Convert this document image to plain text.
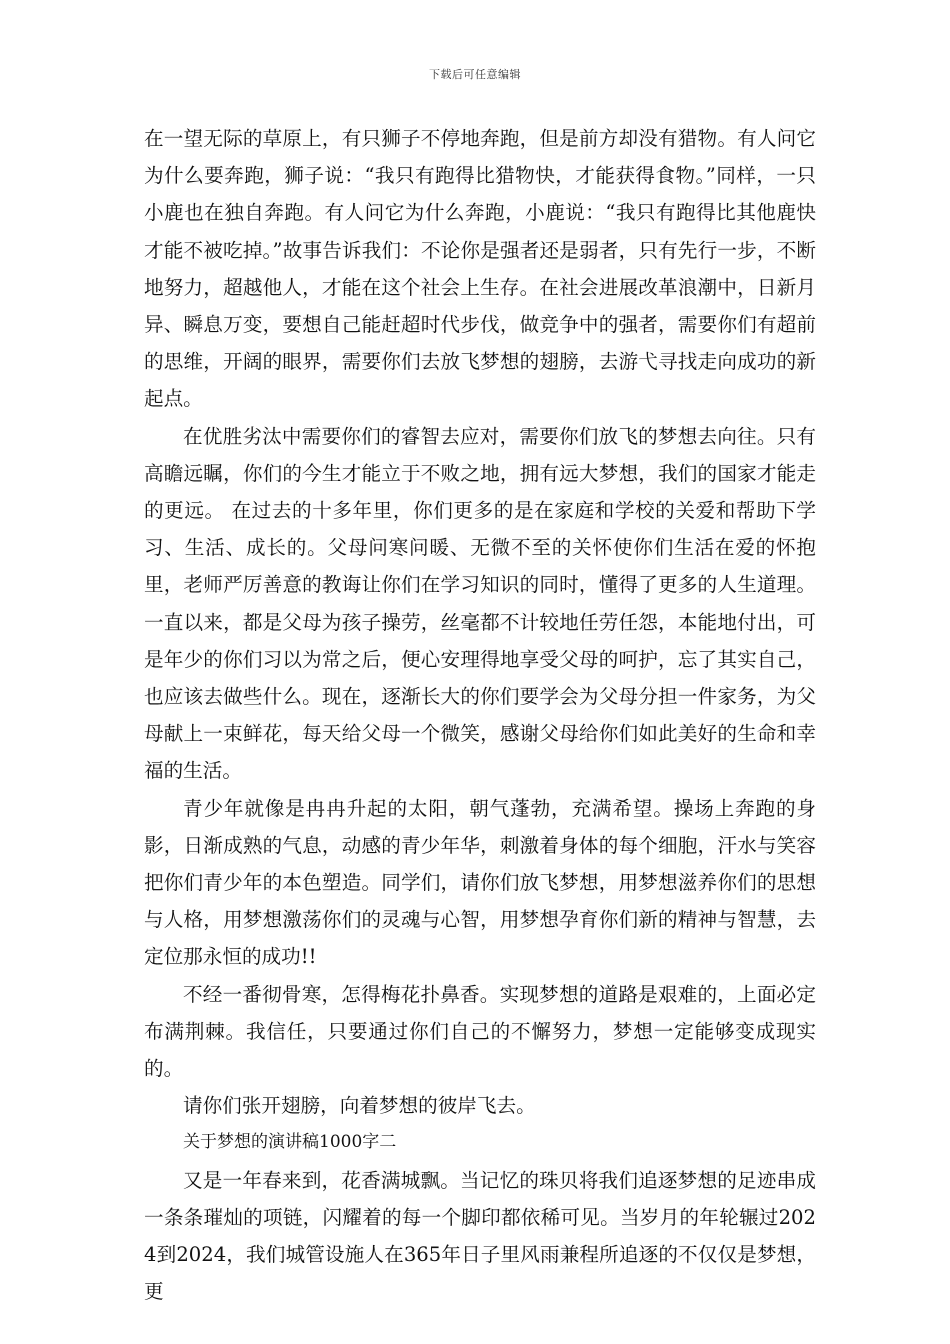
下载后可任意编辑

在一望无际的草原上，有只狮子不停地奔跑，但是前方却没有猎物。有人问它为什么要奔跑，狮子说：“我只有跑得比猎物快，才能获得食物。”同样，一只小鹿也在独自奔跑。有人问它为什么奔跑，小鹿说：“我只有跑得比其他鹿快才能不被吃掉。”故事告诉我们：不论你是强者还是弱者，只有先行一步，不断地努力，超越他人，才能在这个社会上生存。在社会进展改革浪潮中，日新月异、瞬息万变，要想自己能赶超时代步伐，做竞争中的强者，需要你们有超前的思维，开阔的眼界，需要你们去放飞梦想的翅膀，去游弋寻找走向成功的新起点。

在优胜劣汰中需要你们的睿智去应对，需要你们放飞的梦想去向往。只有高瞻远瞩，你们的今生才能立于不败之地，拥有远大梦想，我们的国家才能走的更远。 在过去的十多年里，你们更多的是在家庭和学校的关爱和帮助下学习、生活、成长的。父母问寒问暖、无微不至的关怀使你们生活在爱的怀抱里，老师严厉善意的教诲让你们在学习知识的同时，懂得了更多的人生道理。一直以来，都是父母为孩子操劳，丝毫都不计较地任劳任怨，本能地付出，可是年少的你们习以为常之后，便心安理得地享受父母的呵护，忘了其实自己，也应该去做些什么。现在，逐渐长大的你们要学会为父母分担一件家务，为父母献上一束鲜花，每天给父母一个微笑，感谢父母给你们如此美好的生命和幸福的生活。

青少年就像是冉冉升起的太阳，朝气蓬勃，充满希望。操场上奔跑的身影，日渐成熟的气息，动感的青少年华，刺激着身体的每个细胞，汗水与笑容把你们青少年的本色塑造。同学们，请你们放飞梦想，用梦想滋养你们的思想与人格，用梦想激荡你们的灵魂与心智，用梦想孕育你们新的精神与智慧，去定位那永恒的成功!!

不经一番彻骨寒，怎得梅花扑鼻香。实现梦想的道路是艰难的，上面必定布满荆棘。我信任，只要通过你们自己的不懈努力，梦想一定能够变成现实的。

请你们张开翅膀，向着梦想的彼岸飞去。

关于梦想的演讲稿1000字二

又是一年春来到，花香满城飘。当记忆的珠贝将我们追逐梦想的足迹串成一条条璀灿的项链，闪耀着的每一个脚印都依稀可见。当岁月的年轮辗过2024到2024，我们城管设施人在365年日子里风雨兼程所追逐的不仅仅是梦想，更
